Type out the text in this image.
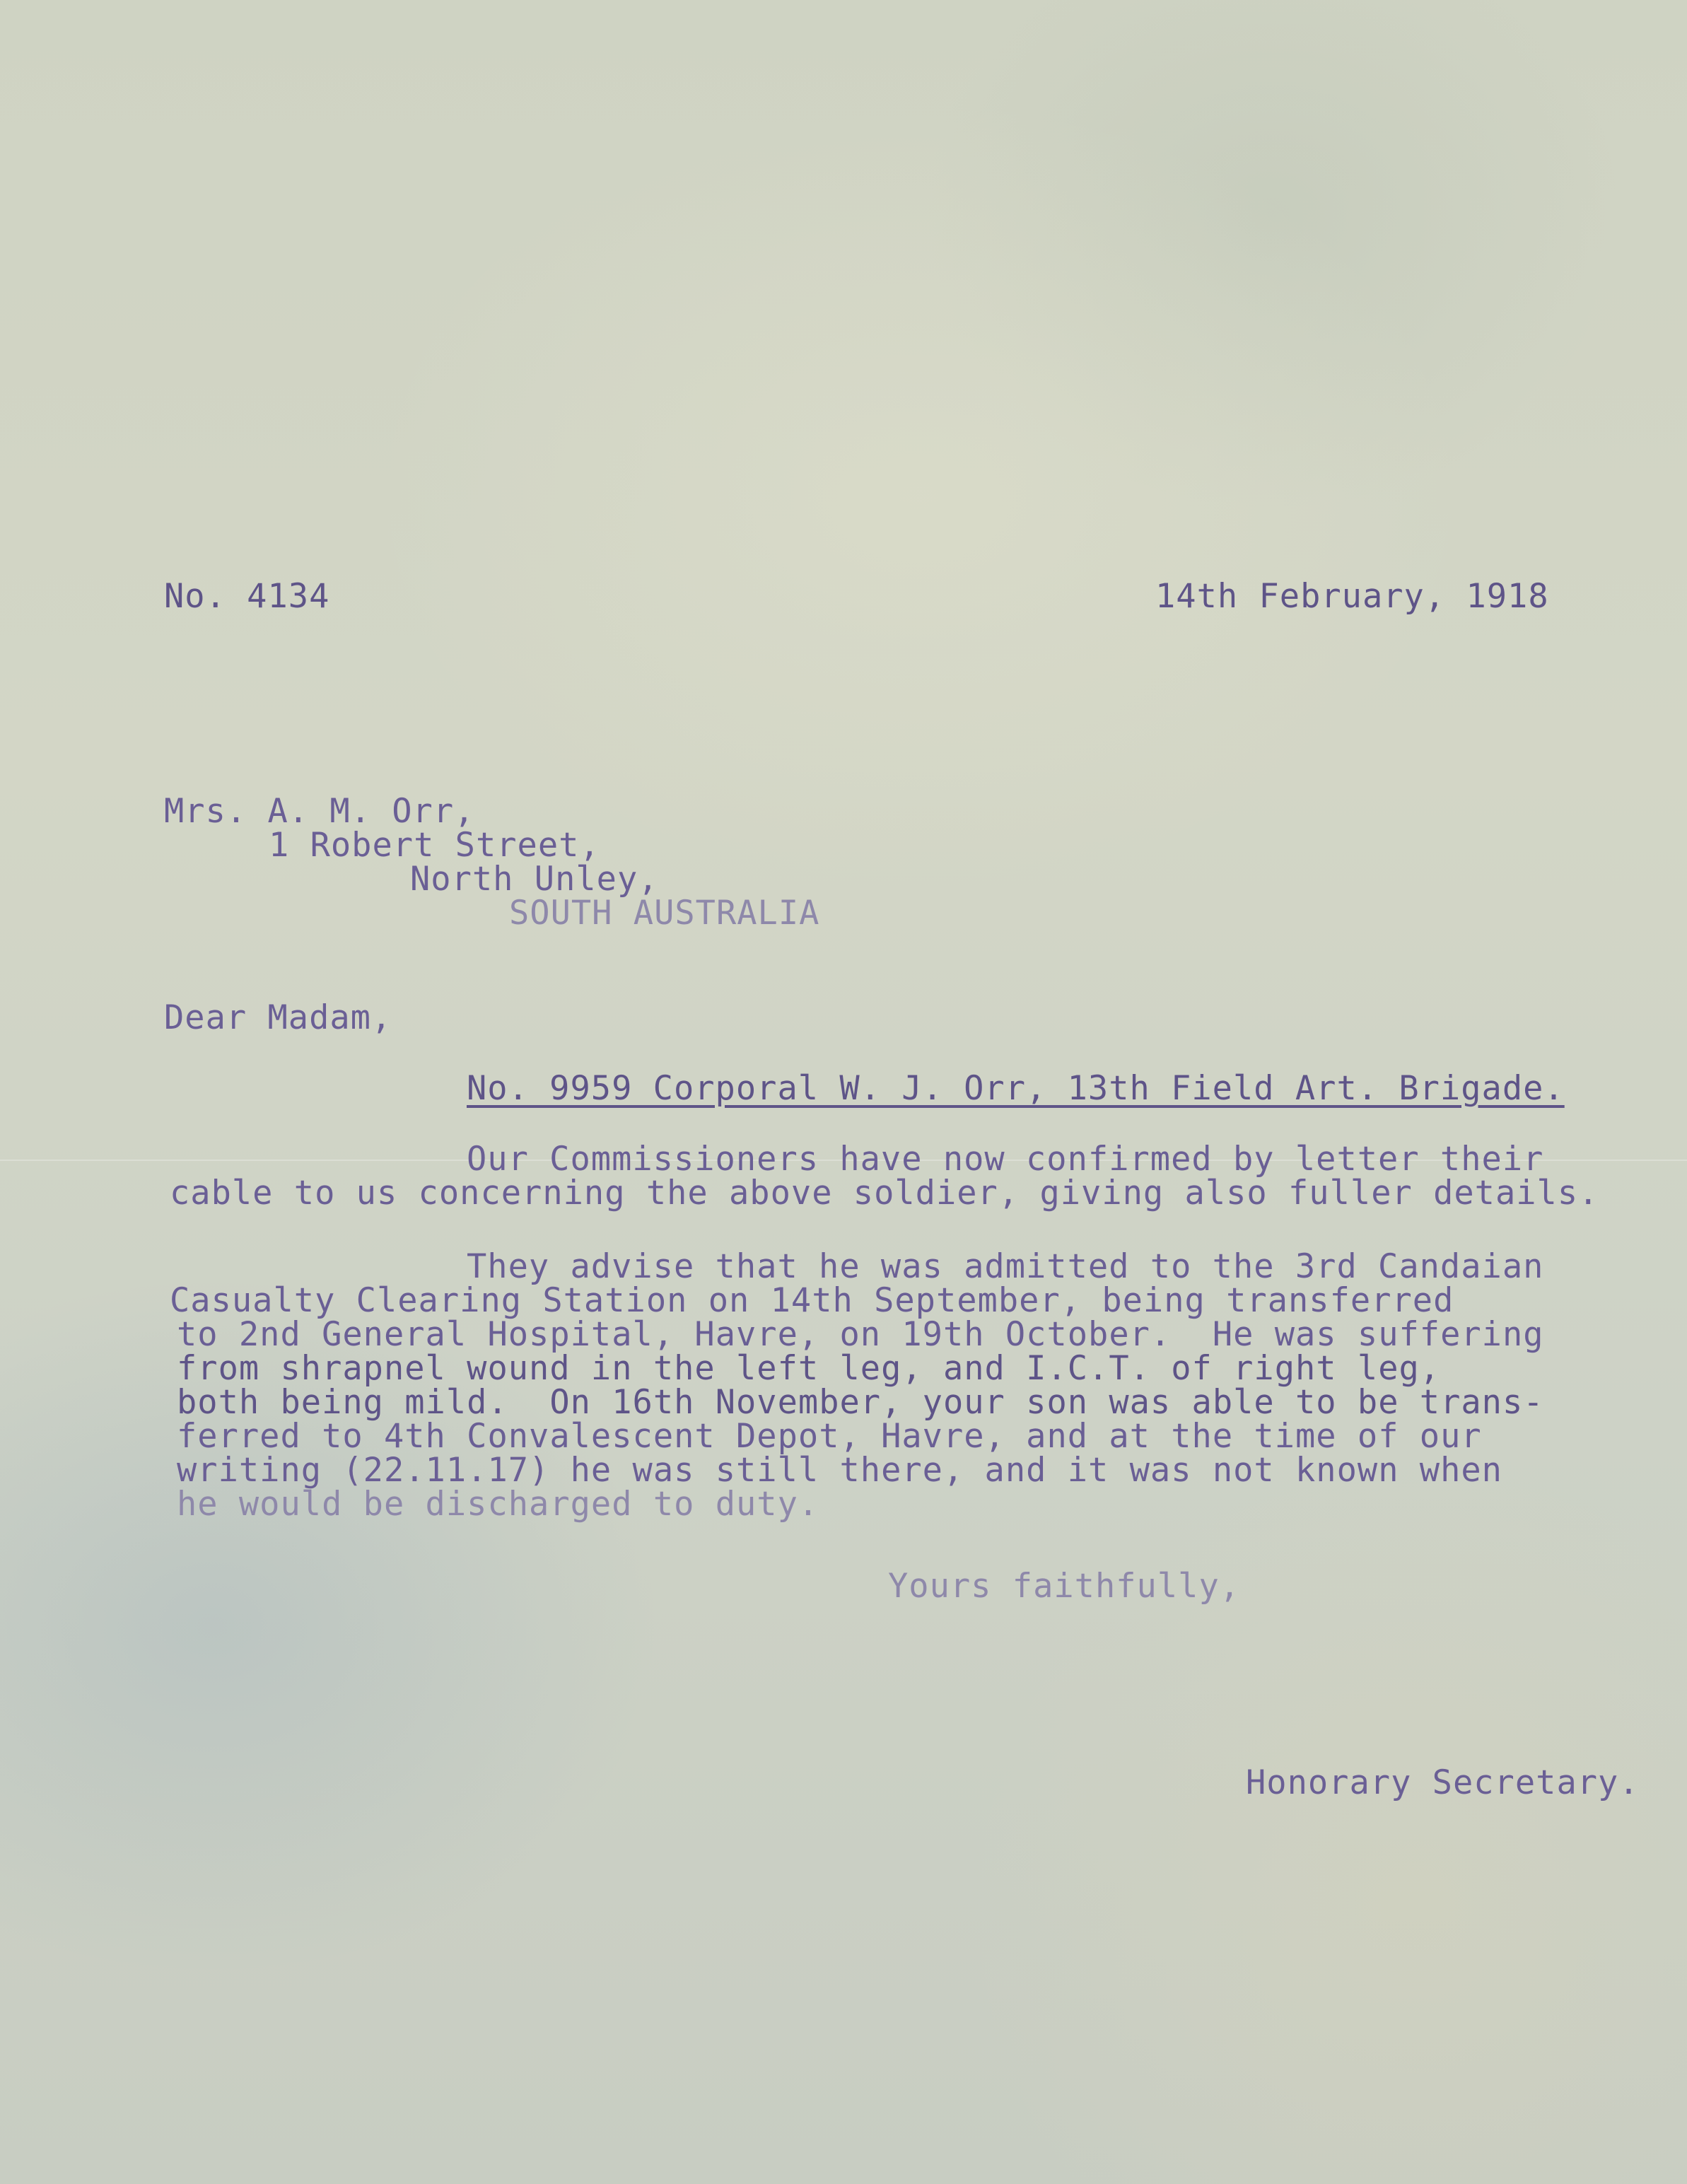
No. 4134	14th February, 1918

Mrs. A. M. Orr,

1 Robert Street,

North Unley,

SOUTH AUSTRALIA

Dear Madam,

No. 9959 Corporal W. J. Orr, 13th Field Art. Brigade.

Our Commissioners have now confirmed by letter their

cable to us concerning the above soldier, giving also fuller details.

They advise that he was admitted to the 3rd Candaian

Casualty Clearing Station on 14th September, being transferred

to 2nd General Hospital, Havre, on 19th October.  He was suffering

from shrapnel wound in the left leg, and I.C.T. of right leg,

both being mild.  On 16th November, your son was able to be trans-

ferred to 4th Convalescent Depot, Havre, and at the time of our

writing (22.11.17) he was still there, and it was not known when

he would be discharged to duty.

Yours faithfully,

Honorary Secretary.
